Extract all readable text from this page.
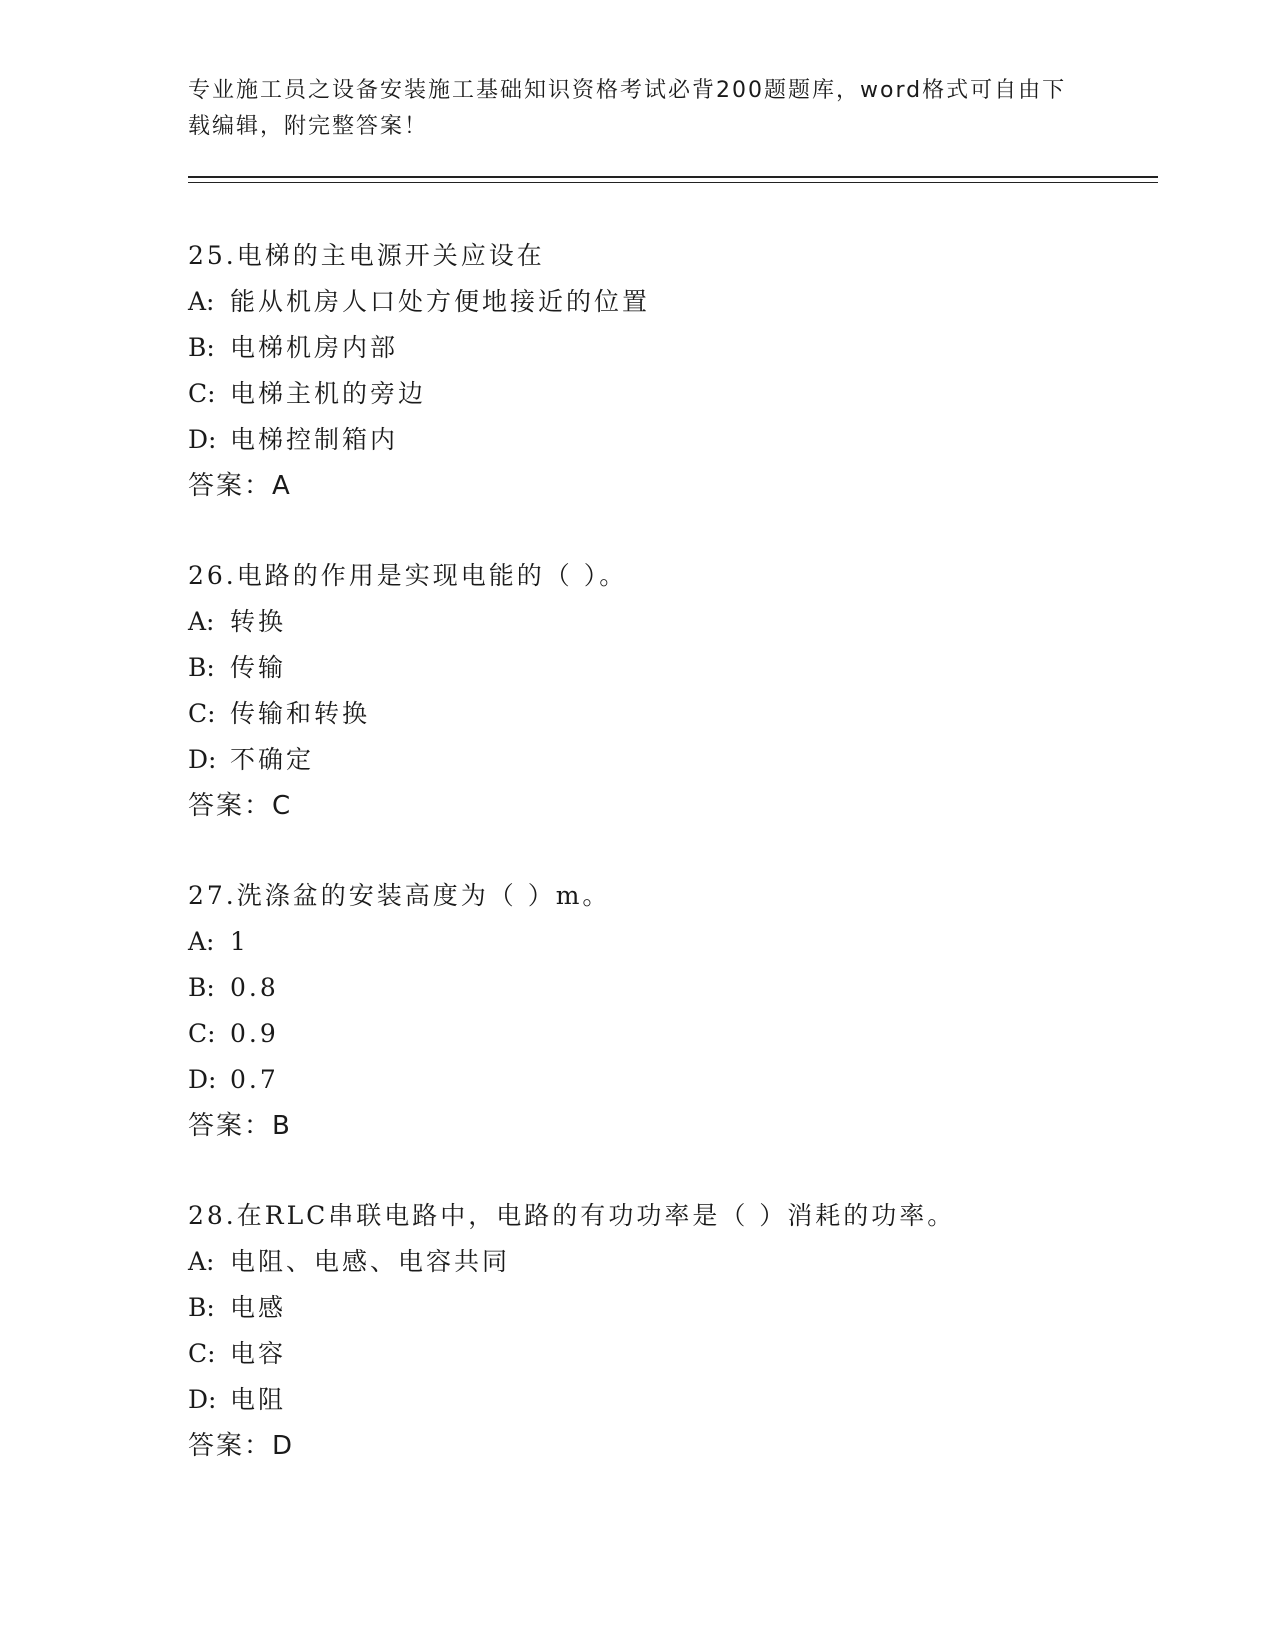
专业施工员之设备安装施工基础知识资格考试必背200题题库，word格式可自由下载编辑，附完整答案！
25.电梯的主电源开关应设在
A: 能从机房人口处方便地接近的位置
B: 电梯机房内部
C: 电梯主机的旁边
D: 电梯控制箱内
答案：A
26.电路的作用是实现电能的（ ）。
A: 转换
B: 传输
C: 传输和转换
D: 不确定
答案：C
27.洗涤盆的安装高度为（ ）m。
A: 1
B: 0.8
C: 0.9
D: 0.7
答案：B
28.在RLC串联电路中，电路的有功功率是（ ）消耗的功率。
A: 电阻、电感、电容共同
B: 电感
C: 电容
D: 电阻
答案：D
